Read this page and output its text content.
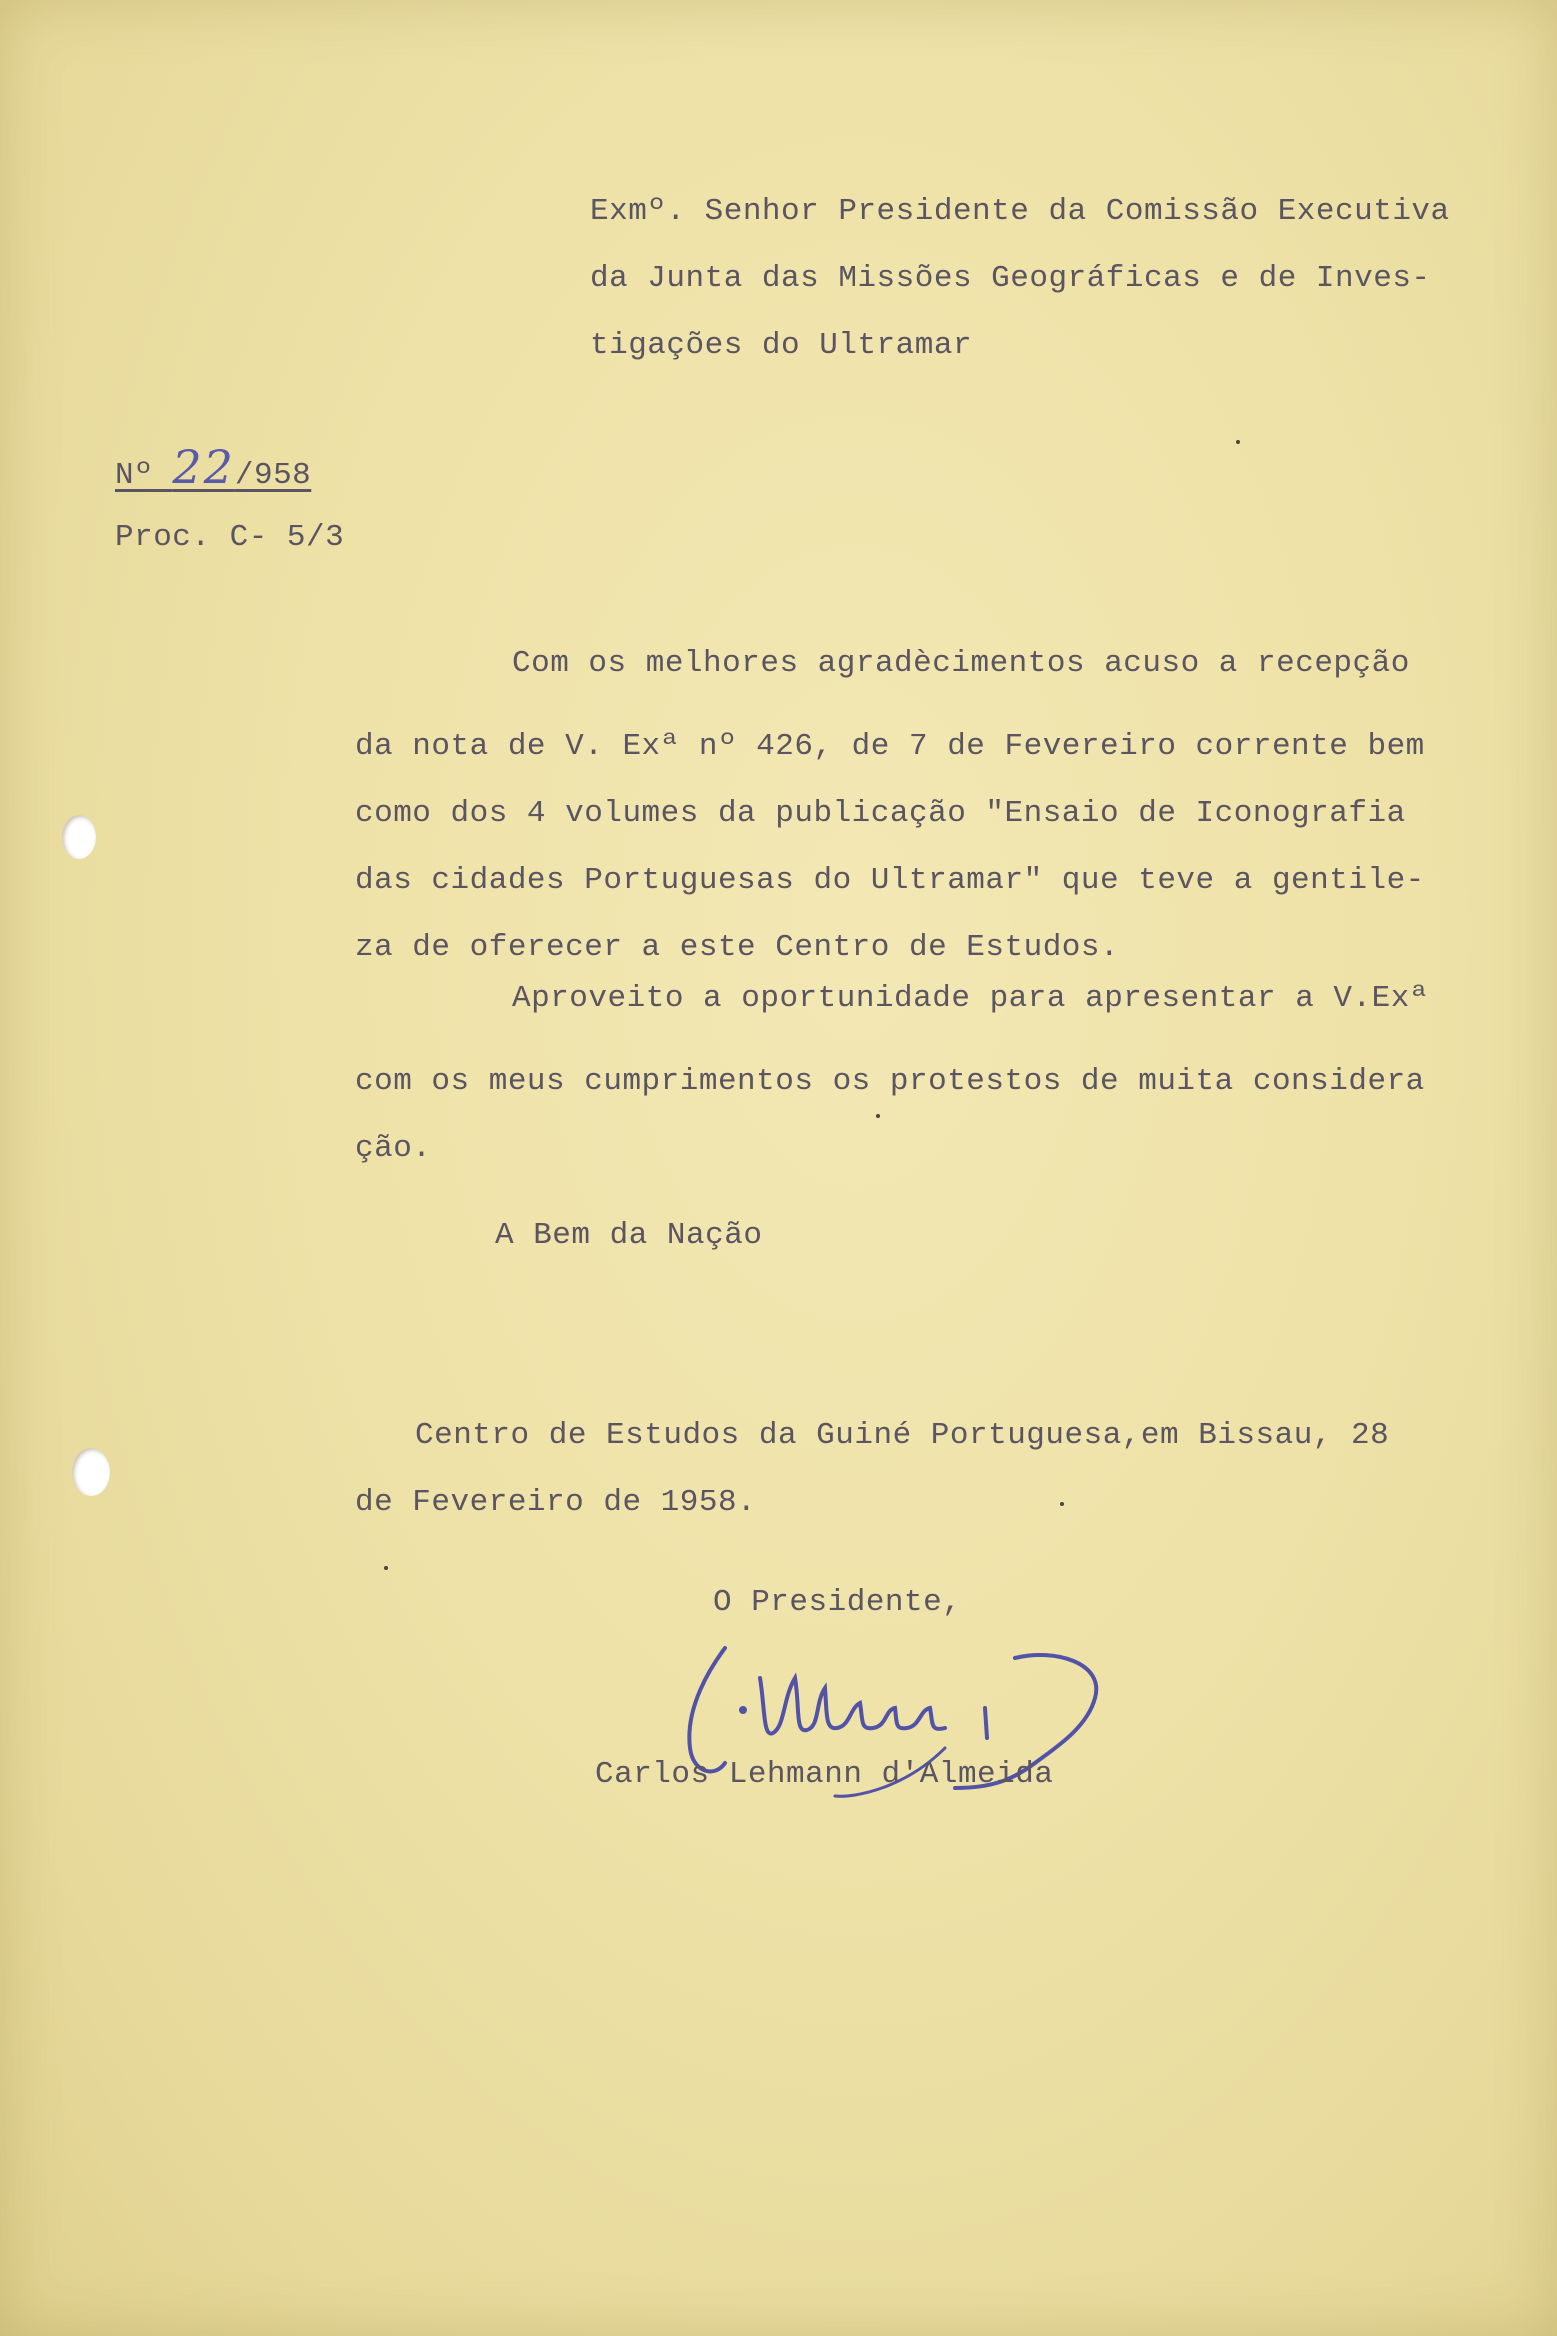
Exmº. Senhor Presidente da Comissão Executiva
da Junta das Missões Geográficas e de Inves-
tigações do Ultramar
Nº 22/958
Proc. C- 5/3
Com os melhores agradècimentos acuso a recepção
da nota de V. Exª nº 426, de 7 de Fevereiro corrente bem
como dos 4 volumes da publicação "Ensaio de Iconografia
das cidades Portuguesas do Ultramar" que teve a gentile-
za de oferecer a este Centro de Estudos.
Aproveito a oportunidade para apresentar a V.Exª
com os meus cumprimentos os protestos de muita considera
ção.
A Bem da Nação
Centro de Estudos da Guiné Portuguesa,em Bissau, 28
de Fevereiro de 1958.
O Presidente,
Carlos Lehmann d'Almeida
